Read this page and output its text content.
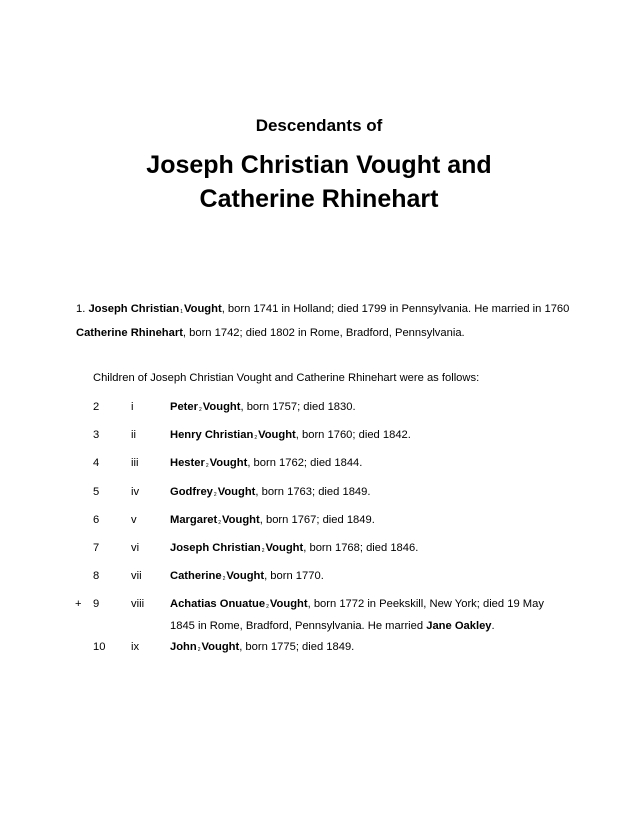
Descendants of
Joseph Christian Vought and Catherine Rhinehart
1. Joseph Christian$_1$Vought, born 1741 in Holland; died 1799 in Pennsylvania. He married in 1760 Catherine Rhinehart, born 1742; died 1802 in Rome, Bradford, Pennsylvania.
Children of Joseph Christian Vought and Catherine Rhinehart were as follows:
2	i	Peter$_2$Vought, born 1757; died 1830.
3	ii	Henry Christian$_2$Vought, born 1760; died 1842.
4	iii	Hester$_2$Vought, born 1762; died 1844.
5	iv	Godfrey$_2$Vought, born 1763; died 1849.
6	v	Margaret$_2$Vought, born 1767; died 1849.
7	vi	Joseph Christian$_2$Vought, born 1768; died 1846.
8	vii	Catherine$_2$Vought, born 1770.
+ 9	viii Achatias Onuatue$_2$Vought, born 1772 in Peekskill, New York; died 19 May 1845 in Rome, Bradford, Pennsylvania. He married Jane Oakley.
10 ix	John$_2$Vought, born 1775; died 1849.
